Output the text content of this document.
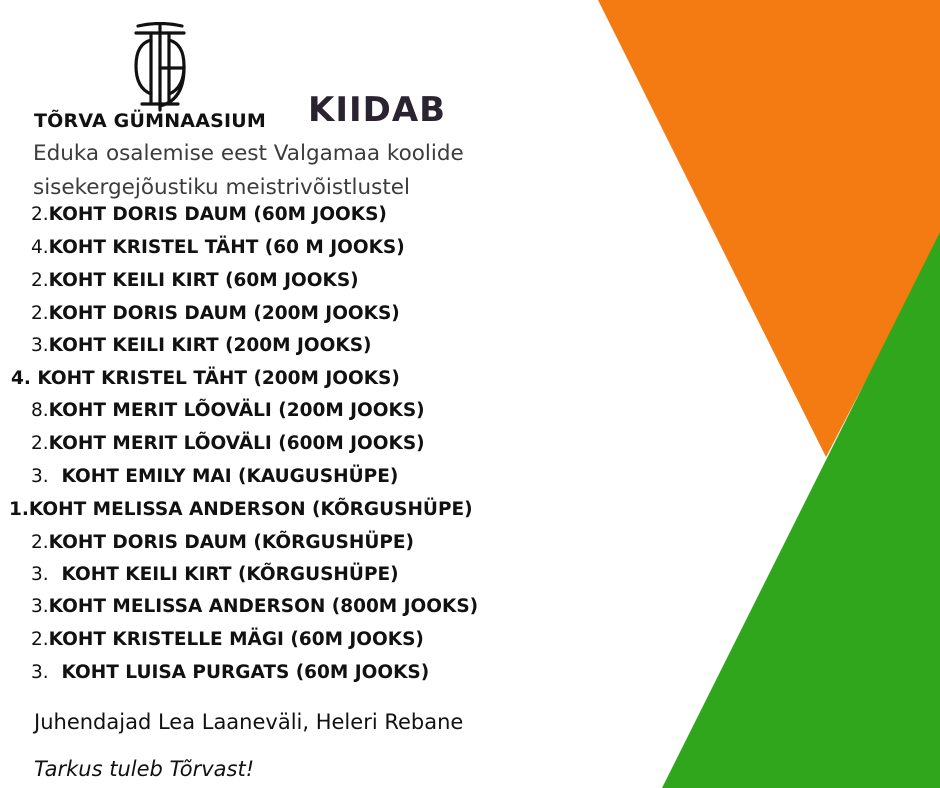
TÕRVA GÜMNAASIUM KIIDAB
Eduka osalemise eest Valgamaa koolide
sisekergejõustiku meistrivõistlustel
2.KOHT DORIS DAUM (60M JOOKS)
4.KOHT KRISTEL TÄHT (60 M JOOKS)
2.KOHT KEILI KIRT (60M JOOKS)
2.KOHT DORIS DAUM (200M JOOKS)
3.KOHT KEILI KIRT (200M JOOKS)
4. KOHT KRISTEL TÄHT (200M JOOKS)
8.KOHT MERIT LÕOVÄLI (200M JOOKS)
2.KOHT MERIT LÕOVÄLI (600M JOOKS)
3.  KOHT EMILY MAI (KAUGUSHÜPE)
1.KOHT MELISSA ANDERSON (KÕRGUSHÜPE)
2.KOHT DORIS DAUM (KÕRGUSHÜPE)
3.  KOHT KEILI KIRT (KÕRGUSHÜPE)
3.KOHT MELISSA ANDERSON (800M JOOKS)
2.KOHT KRISTELLE MÄGI (60M JOOKS)
3.  KOHT LUISA PURGATS (60M JOOKS)
Juhendajad Lea Laaneväli, Heleri Rebane
Tarkus tuleb Tõrvast!
